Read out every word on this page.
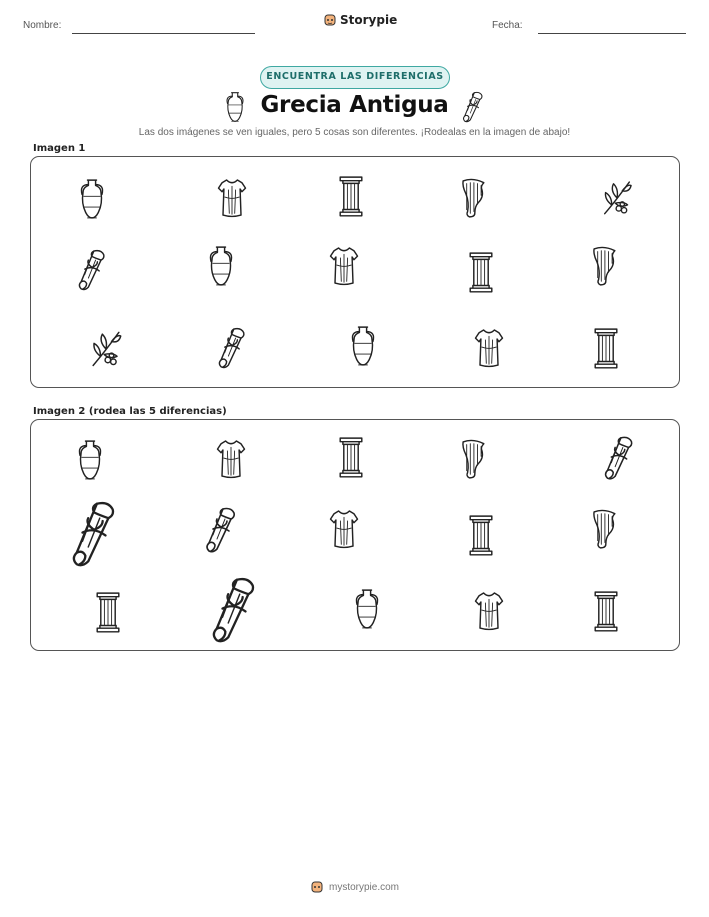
Nombre:	Storypie	Fecha:
ENCUENTRA LAS DIFERENCIAS
Grecia Antigua
Las dos imágenes se ven iguales, pero 5 cosas son diferentes. ¡Rodealas en la imagen de abajo!
Imagen 1
Imagen 2 (rodea las 5 diferencias)
mystorypie.com
